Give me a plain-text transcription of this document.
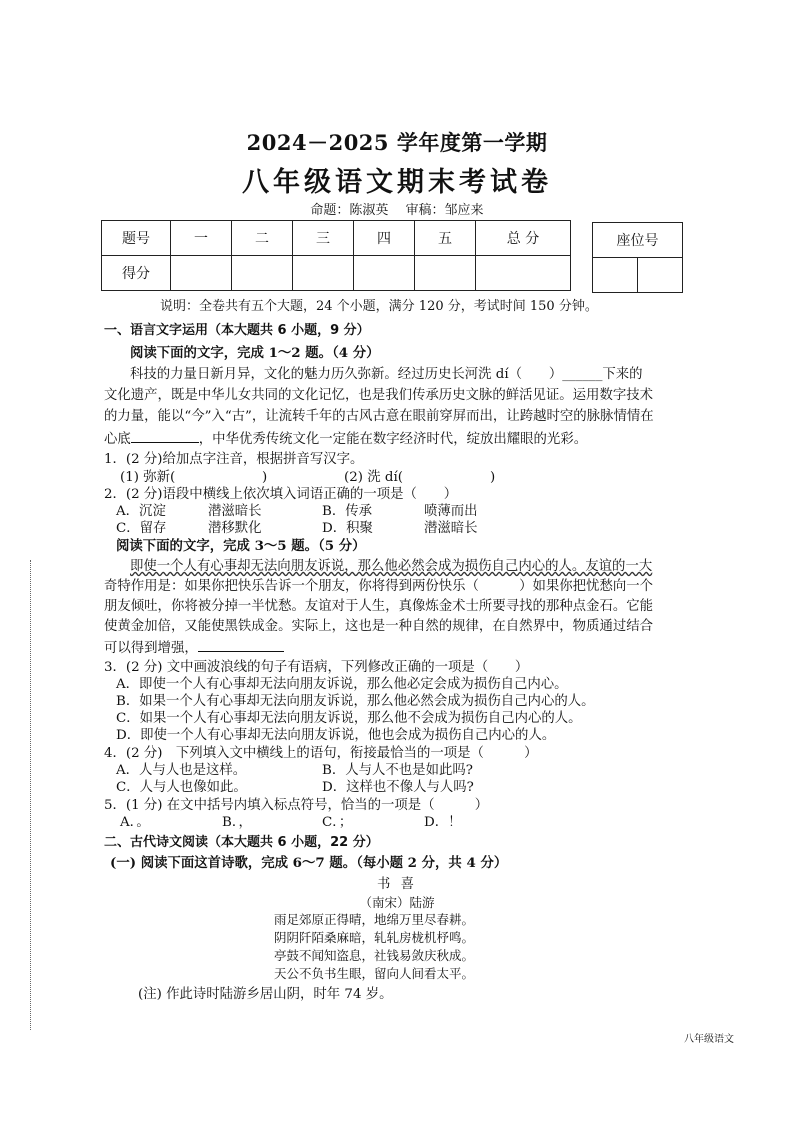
2024－2025 学年度第一学期
八年级语文期末考试卷
命题：陈淑英　 审稿：邹应来
题号	一	二	三	四	五	总 分
得分						
座位号

说明：全卷共有五个大题，24 个小题，满分 120 分，考试时间 150 分钟。
一、语言文字运用（本大题共 6 小题，9 分）
阅读下面的文字，完成 1～2 题。（4 分）
科技的力量日新月异，文化的魅力历久弥新。经过历史长河洗 dí（　　）______下来的
文化遗产，既是中华儿女共同的文化记忆，也是我们传承历史文脉的鲜活见证。运用数字技术
的力量，能以“今”入“古”，让流转千年的古风古意在眼前穿屏而出，让跨越时空的脉脉情情在
心底	，中华优秀传统文化一定能在数字经济时代，绽放出耀眼的光彩。
1．(2 分)给加点字注音，根据拼音写汉字。
(1) 弥新(	)	(2) 洗 dí(	)
2．(2 分)语段中横线上依次填入词语正确的一项是（　　）
A．沉淀	潜滋暗长	B．传承	喷薄而出
C．留存	潜移默化	D．积聚	潜滋暗长
阅读下面的文字，完成 3～5 题。（5 分）
即使一个人有心事却无法向朋友诉说，那么他必然会成为损伤自己内心的人。友谊的一大
奇特作用是：如果你把快乐告诉一个朋友，你将得到两份快乐（　　　）如果你把忧愁向一个
朋友倾吐，你将被分掉一半忧愁。友谊对于人生，真像炼金术士所要寻找的那种点金石。它能
使黄金加倍，又能使黑铁成金。实际上，这也是一种自然的规律，在自然界中，物质通过结合
可以得到增强，
3．(2 分) 文中画波浪线的句子有语病，下列修改正确的一项是（　　）
A．即使一个人有心事却无法向朋友诉说，那么他必定会成为损伤自己内心。
B．如果一个人有心事却无法向朋友诉说，那么他必然会成为损伤自己内心的人。
C．如果一个人有心事却无法向朋友诉说，那么他不会成为损伤自己内心的人。
D．即使一个人有心事却无法向朋友诉说，他也会成为损伤自己内心的人。
4．(2 分)　下列填入文中横线上的语句，衔接最恰当的一项是（　　　）
A．人与人也是这样。	B．人与人不也是如此吗?
C．人与人也像如此。	D．这样也不像人与人吗?
5．(1 分) 在文中括号内填入标点符号，恰当的一项是（　　　）
A．。	B．，	C．；	D．！
二、古代诗文阅读（本大题共 6 小题，22 分）
(一) 阅读下面这首诗歌，完成 6～7 题。（每小题 2 分，共 4 分）
书 喜
（南宋）陆游
雨足郊原正得晴，地绵万里尽春耕。
阴阴阡陌桑麻暗，轧轧房栊机杼鸣。
亭鼓不闻知盗息，社钱易敛庆秋成。
天公不负书生眼，留向人间看太平。
(注) 作此诗时陆游乡居山阴，时年 74 岁。
八年级语文
